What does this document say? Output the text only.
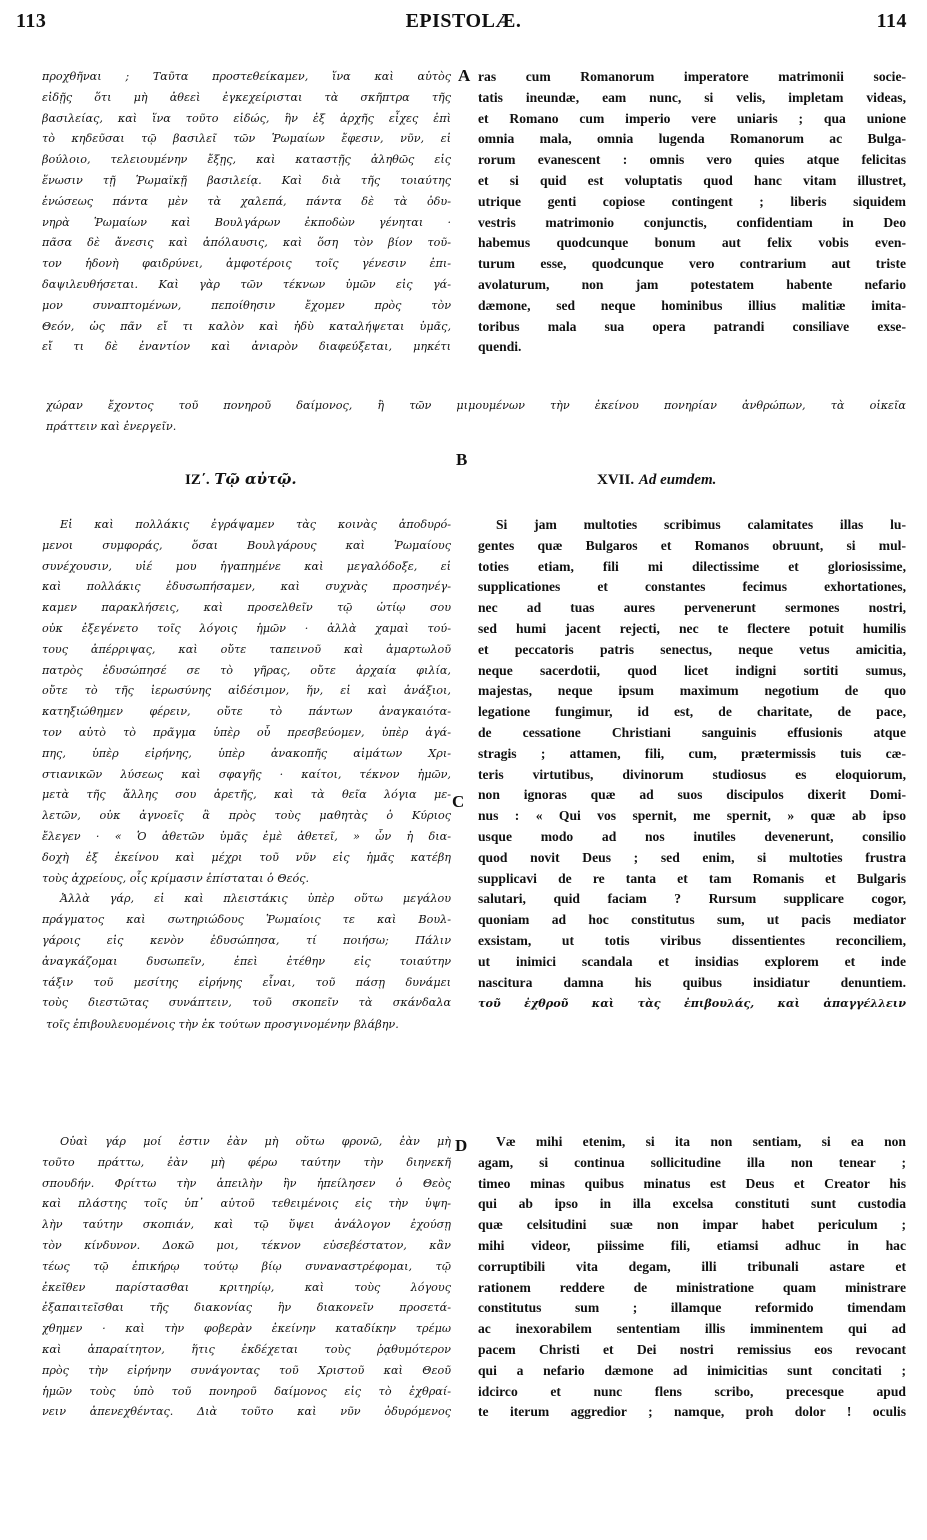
113	EPISTOLÆ.	114
A
B
C
D
προχθῆναι ; Ταῦτα προστεθείκαμεν, ἵνα καὶ αὐτὸς
εἰδῇς ὅτι μὴ ἀθεεὶ ἐγκεχείρισται τὰ σκῆπτρα τῆς
βασιλείας, καὶ ἵνα τοῦτο εἰδώς, ἣν ἐξ ἀρχῆς εἶχες ἐπὶ
τὸ κηδεῦσαι τῷ βασιλεῖ τῶν Ῥωμαίων ἔφεσιν, νῦν, εἰ
βούλοιο, τελειουμένην ἔξῃς, καὶ καταστῇς ἀληθῶς εἰς
ἕνωσιν τῇ Ῥωμαϊκῇ βασιλείᾳ. Καὶ διὰ τῆς τοιαύτης
ἑνώσεως πάντα μὲν τὰ χαλεπά, πάντα δὲ τὰ ὀδυ-
νηρὰ Ῥωμαίων καὶ Βουλγάρων ἐκποδὼν γένηται ·
πᾶσα δὲ ἄνεσις καὶ ἀπόλαυσις, καὶ ὅση τὸν βίον τοῦ-
τον ἡδονὴ φαιδρύνει, ἀμφοτέροις τοῖς γένεσιν ἐπι-
δαψιλευθήσεται. Καὶ γὰρ τῶν τέκνων ὑμῶν εἰς γά-
μον συναπτομένων, πεποίθησιν ἔχομεν πρὸς τὸν
Θεόν, ὡς πᾶν εἴ τι καλὸν καὶ ἡδὺ καταλήψεται ὑμᾶς,
εἴ τι δὲ ἐναντίον καὶ ἀνιαρὸν διαφεύξεται, μηκέτι
ras cum Romanorum imperatore matrimonii socie-
tatis ineundæ, eam nunc, si velis, impletam videas,
et Romano cum imperio vere uniaris ; qua unione
omnia mala, omnia lugenda Romanorum ac Bulga-
rorum evanescent : omnis vero quies atque felicitas
et si quid est voluptatis quod hanc vitam illustret,
utrique genti copiose contingent ; liberis siquidem
vestris matrimonio conjunctis, confidentiam in Deo
habemus quodcunque bonum aut felix vobis even-
turum esse, quodcunque vero contrarium aut triste
avolaturum, non jam potestatem habente nefario
dæmone, sed neque hominibus illius malitiæ imita-
toribus mala sua opera patrandi consiliave exse-
quendi.
χώραν ἔχοντος τοῦ πονηροῦ δαίμονος, ἢ τῶν μιμουμένων τὴν ἐκείνου πονηρίαν ἀνθρώπων, τὰ οἰκεῖα
πράττειν καὶ ἐνεργεῖν.
ΙΖ΄. Τῷ αὐτῷ.	XVII. Ad eumdem.
Εἰ καὶ πολλάκις ἐγράψαμεν τὰς κοινὰς ἀποδυρό-
μενοι συμφοράς, ὅσαι Βουλγάρους καὶ Ῥωμαίους
συνέχουσιν, υἱέ μου ἠγαπημένε καὶ μεγαλόδοξε, εἰ
καὶ πολλάκις ἐδυσωπήσαμεν, καὶ συχνὰς προσηνέγ-
καμεν παρακλήσεις, καὶ προσελθεῖν τῷ ὠτίῳ σου
οὐκ ἐξεγένετο τοῖς λόγοις ἡμῶν · ἀλλὰ χαμαὶ τού-
τους ἀπέρριψας, καὶ οὔτε ταπεινοῦ καὶ ἁμαρτωλοῦ
πατρὸς ἐδυσώπησέ σε τὸ γῆρας, οὔτε ἀρχαία φιλία,
οὔτε τὸ τῆς ἱερωσύνης αἰδέσιμον, ἥν, εἰ καὶ ἀνάξιοι,
κατηξιώθημεν φέρειν, οὔτε τὸ πάντων ἀναγκαιότα-
τον αὐτὸ τὸ πρᾶγμα ὑπὲρ οὗ πρεσβεύομεν, ὑπὲρ ἀγά-
πης, ὑπὲρ εἰρήνης, ὑπὲρ ἀνακοπῆς αἱμάτων Χρι-
στιανικῶν λύσεως καὶ σφαγῆς · καίτοι, τέκνον ἡμῶν,
μετὰ τῆς ἄλλης σου ἀρετῆς, καὶ τὰ θεῖα λόγια με-
λετῶν, οὐκ ἀγνοεῖς ἃ πρὸς τοὺς μαθητὰς ὁ Κύριος
ἔλεγεν · « Ὁ ἀθετῶν ὑμᾶς ἐμὲ ἀθετεῖ, » ὧν ἡ δια-
δοχὴ ἐξ ἐκείνου καὶ μέχρι τοῦ νῦν εἰς ἡμᾶς κατέβη
τοὺς ἀχρείους, οἷς κρίμασιν ἐπίσταται ὁ Θεός.
Ἀλλὰ γάρ, εἰ καὶ πλειστάκις ὑπὲρ οὕτω μεγάλου
πράγματος καὶ σωτηριώδους Ῥωμαίοις τε καὶ Βουλ-
γάροις εἰς κενὸν ἐδυσώπησα, τί ποιήσω; Πάλιν
ἀναγκάζομαι δυσωπεῖν, ἐπεὶ ἐτέθην εἰς τοιαύτην
τάξιν τοῦ μεσίτης εἰρήνης εἶναι, τοῦ πάσῃ δυνάμει
τοὺς διεστῶτας συνάπτειν, τοῦ σκοπεῖν τὰ σκάνδαλα
Si jam multoties scribimus calamitates illas lu-
gentes quæ Bulgaros et Romanos obruunt, si mul-
toties etiam, fili mi dilectissime et gloriosissime,
supplicationes et constantes fecimus exhortationes,
nec ad tuas aures pervenerunt sermones nostri,
sed humi jacent rejecti, nec te flectere potuit humilis
et peccatoris patris senectus, neque vetus amicitia,
neque sacerdotii, quod licet indigni sortiti sumus,
majestas, neque ipsum maximum negotium de quo
legatione fungimur, id est, de charitate, de pace,
de cessatione Christiani sanguinis effusionis atque
stragis ; attamen, fili, cum, prætermissis tuis cæ-
teris virtutibus, divinorum studiosus es eloquiorum,
non ignoras quæ ad suos discipulos dixerit Domi-
nus : « Qui vos spernit, me spernit, » quæ ab ipso
usque modo ad nos inutiles devenerunt, consilio
quod novit Deus ; sed enim, si multoties frustra
supplicavi de re tanta et tam Romanis et Bulgaris
salutari, quid faciam ? Rursum supplicare cogor,
quoniam ad hoc constitutus sum, ut pacis mediator
exsistam, ut totis viribus dissentientes reconciliem,
ut inimici scandala et insidias explorem et inde
nascitura damna his quibus insidiatur denuntiem.
τοῦ ἐχθροῦ καὶ τὰς ἐπιβουλάς, καὶ ἀπαγγέλλειν
τοῖς ἐπιβουλευομένοις τὴν ἐκ τούτων προσγινομένην βλάβην.
Οὐαὶ γάρ μοί ἐστιν ἐὰν μὴ οὕτω φρονῶ, ἐὰν μὴ
τοῦτο πράττω, ἐὰν μὴ φέρω ταύτην τὴν διηνεκῆ
σπουδήν. Φρίττω τὴν ἀπειλὴν ἣν ἠπείλησεν ὁ Θεὸς
καὶ πλάστης τοῖς ὑπ᾽ αὐτοῦ τεθειμένοις εἰς τὴν ὑψη-
λὴν ταύτην σκοπιάν, καὶ τῷ ὕψει ἀνάλογον ἐχούσῃ
τὸν κίνδυνον. Δοκῶ μοι, τέκνον εὐσεβέστατον, κἂν
τέως τῷ ἐπικήρῳ τούτῳ βίῳ συναναστρέφομαι, τῷ
ἐκεῖθεν παρίστασθαι κριτηρίῳ, καὶ τοὺς λόγους
ἐξαπαιτεῖσθαι τῆς διακονίας ἣν διακονεῖν προσετά-
χθημεν · καὶ τὴν φοβερὰν ἐκείνην καταδίκην τρέμω
καὶ ἀπαραίτητον, ἥτις ἐκδέχεται τοὺς ῥᾳθυμότερον
πρὸς τὴν εἰρήνην συνάγοντας τοῦ Χριστοῦ καὶ Θεοῦ
ἡμῶν τοὺς ὑπὸ τοῦ πονηροῦ δαίμονος εἰς τὸ ἐχθραί-
νειν ἀπενεχθέντας. Διὰ τοῦτο καὶ νῦν ὀδυρόμενος
Væ mihi etenim, si ita non sentiam, si ea non
agam, si continua sollicitudine illa non tenear ;
timeo minas quibus minatus est Deus et Creator his
qui ab ipso in illa excelsa constituti sunt custodia
quæ celsitudini suæ non impar habet periculum ;
mihi videor, piissime fili, etiamsi adhuc in hac
corruptibili vita degam, illi tribunali astare et
rationem reddere de ministratione quam ministrare
constitutus sum ; illamque reformido timendam
ac inexorabilem sententiam illis imminentem qui ad
pacem Christi et Dei nostri remissius eos revocant
qui a nefario dæmone ad inimicitias sunt concitati ;
idcirco et nunc flens scribo, precesque apud
te iterum aggredior ; namque, proh dolor ! oculis
